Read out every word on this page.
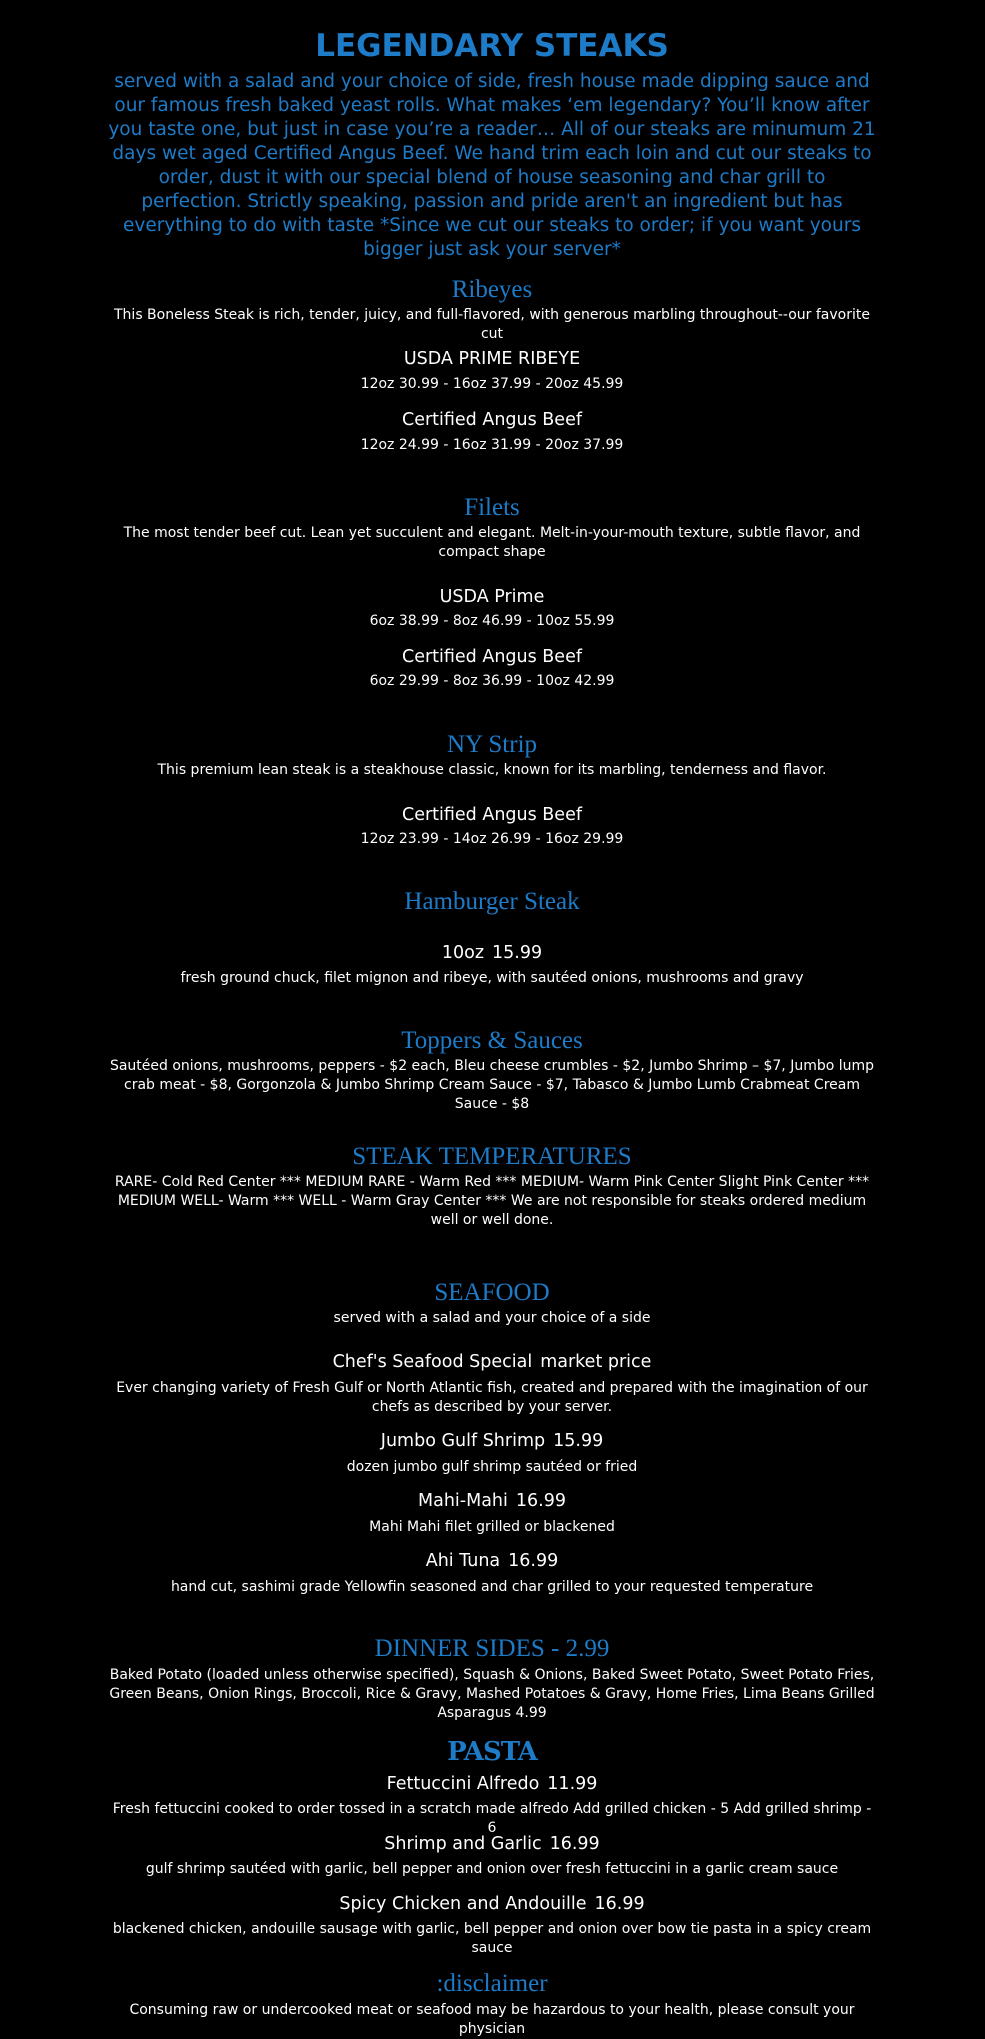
LEGENDARY STEAKS
served with a salad and your choice of side, fresh house made dipping sauce and our famous fresh baked yeast rolls. What makes ‘em legendary? You’ll know after you taste one, but just in case you’re a reader… All of our steaks are minumum 21 days wet aged Certified Angus Beef. We hand trim each loin and cut our steaks to order, dust it with our special blend of house seasoning and char grill to perfection. Strictly speaking, passion and pride aren't an ingredient but has everything to do with taste *Since we cut our steaks to order; if you want yours bigger just ask your server*
Ribeyes
This Boneless Steak is rich, tender, juicy, and full-flavored, with generous marbling throughout--our favorite cut
USDA PRIME RIBEYE
12oz 30.99 - 16oz 37.99 - 20oz 45.99
Certified Angus Beef
12oz 24.99 - 16oz 31.99 - 20oz 37.99
Filets
The most tender beef cut. Lean yet succulent and elegant. Melt-in-your-mouth texture, subtle flavor, and compact shape
USDA Prime
6oz 38.99 - 8oz 46.99 - 10oz 55.99
Certified Angus Beef
6oz 29.99 - 8oz 36.99 - 10oz 42.99
NY Strip
This premium lean steak is a steakhouse classic, known for its marbling, tenderness and flavor.
Certified Angus Beef
12oz 23.99 - 14oz 26.99 - 16oz 29.99
Hamburger Steak
10oz 15.99
fresh ground chuck, filet mignon and ribeye, with sautéed onions, mushrooms and gravy
Toppers & Sauces
Sautéed onions, mushrooms, peppers - $2 each, Bleu cheese crumbles - $2, Jumbo Shrimp – $7, Jumbo lump crab meat - $8, Gorgonzola & Jumbo Shrimp Cream Sauce - $7, Tabasco & Jumbo Lumb Crabmeat Cream Sauce - $8
STEAK TEMPERATURES
RARE- Cold Red Center *** MEDIUM RARE - Warm Red *** MEDIUM- Warm Pink Center Slight Pink Center *** MEDIUM WELL- Warm *** WELL - Warm Gray Center *** We are not responsible for steaks ordered medium well or well done.
SEAFOOD
served with a salad and your choice of a side
Chef's Seafood Special market price
Ever changing variety of Fresh Gulf or North Atlantic fish, created and prepared with the imagination of our chefs as described by your server.
Jumbo Gulf Shrimp 15.99
dozen jumbo gulf shrimp sautéed or fried
Mahi-Mahi 16.99
Mahi Mahi filet grilled or blackened
Ahi Tuna 16.99
hand cut, sashimi grade Yellowfin seasoned and char grilled to your requested temperature
DINNER SIDES - 2.99
Baked Potato (loaded unless otherwise specified), Squash & Onions, Baked Sweet Potato, Sweet Potato Fries, Green Beans, Onion Rings, Broccoli, Rice & Gravy, Mashed Potatoes & Gravy, Home Fries, Lima Beans Grilled Asparagus 4.99
PASTA
Fettuccini Alfredo 11.99
Fresh fettuccini cooked to order tossed in a scratch made alfredo Add grilled chicken - 5 Add grilled shrimp - 6
Shrimp and Garlic 16.99
gulf shrimp sautéed with garlic, bell pepper and onion over fresh fettuccini in a garlic cream sauce
Spicy Chicken and Andouille 16.99
blackened chicken, andouille sausage with garlic, bell pepper and onion over bow tie pasta in a spicy cream sauce
:disclaimer
Consuming raw or undercooked meat or seafood may be hazardous to your health, please consult your physician
